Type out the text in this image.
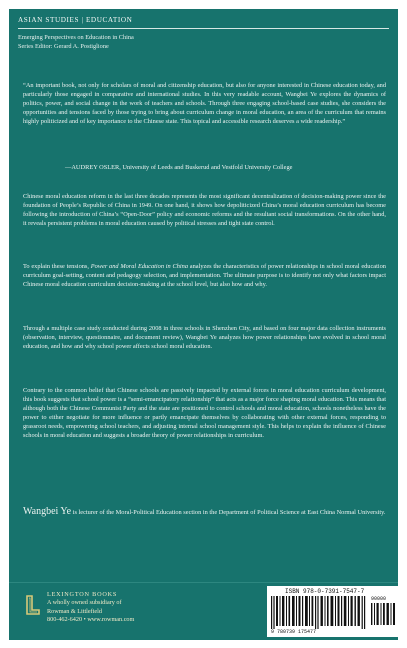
ASIAN STUDIES | EDUCATION
Emerging Perspectives on Education in China
Series Editor: Gerard A. Postiglione

“An important book, not only for scholars of moral and citizenship education, but also for anyone interested in Chinese education today, and particularly those engaged in comparative and international studies. In this very readable account, Wangbei Ye explores the dynamics of politics, power, and social change in the work of teachers and schools. Through three engaging school-based case studies, she considers the opportunities and tensions faced by those trying to bring about curriculum change in moral education, an area of the curriculum that remains highly politicized and of key importance to the Chinese state. This topical and accessible research deserves a wide readership.”

—AUDREY OSLER, University of Leeds and Buskerud and Vestfold University College

Chinese moral education reform in the last three decades represents the most significant decentralization of decision-making power since the foundation of People’s Republic of China in 1949. On one hand, it shows how depoliticized China’s moral education curriculum has become following the introduction of China’s “Open-Door” policy and economic reforms and the resultant social transformations. On the other hand, it reveals persistent problems in moral education caused by political stresses and tight state control.

To explain these tensions, Power and Moral Education in China analyzes the characteristics of power relationships in school moral education curriculum goal-setting, content and pedagogy selection, and implementation. The ultimate purpose is to identify not only what factors impact Chinese moral education curriculum decision-making at the school level, but also how and why.

Through a multiple case study conducted during 2008 in three schools in Shenzhen City, and based on four major data collection instruments (observation, interview, questionnaire, and document review), Wangbei Ye analyzes how power relationships have evolved in school moral education, and how and why school power affects school moral education.

Contrary to the common belief that Chinese schools are passively impacted by external forces in moral education curriculum development, this book suggests that school power is a “semi-emancipatory relationship” that acts as a major force shaping moral education. This means that although both the Chinese Communist Party and the state are positioned to control schools and moral education, schools nonetheless have the power to either negotiate for more influence or partly emancipate themselves by collaborating with other external forces, responding to grassroot needs, empowering school teachers, and adjusting internal school management style. This helps to explain the influence of Chinese schools in moral education and suggests a broader theory of power relationships in curriculum.

Wangbei Ye is lecturer of the Moral-Political Education section in the Department of Political Science at East China Normal University.

LEXINGTON BOOKS
A wholly owned subsidiary of
Rowman & Littlefield
800-462-6420 • www.rowman.com
ISBN 978-0-7391-7547-7
90000
9 780739 175477
